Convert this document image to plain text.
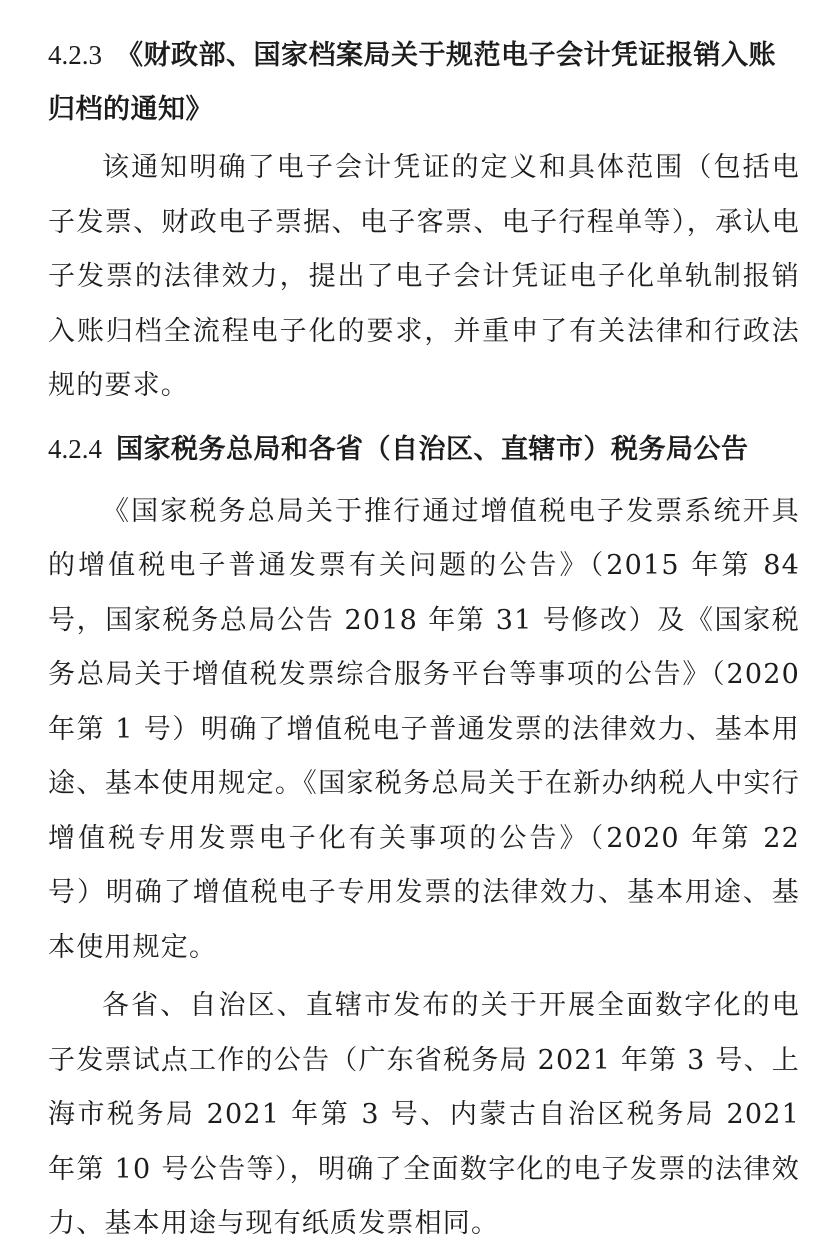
4.2.3 《财政部、国家档案局关于规范电子会计凭证报销入账归档的通知》

该通知明确了电子会计凭证的定义和具体范围（包括电子发票、财政电子票据、电子客票、电子行程单等），承认电子发票的法律效力，提出了电子会计凭证电子化单轨制报销入账归档全流程电子化的要求，并重申了有关法律和行政法规的要求。

4.2.4 国家税务总局和各省（自治区、直辖市）税务局公告

《国家税务总局关于推行通过增值税电子发票系统开具的增值税电子普通发票有关问题的公告》（2015 年第 84 号，国家税务总局公告 2018 年第 31 号修改）及《国家税务总局关于增值税发票综合服务平台等事项的公告》（2020 年第 1 号）明确了增值税电子普通发票的法律效力、基本用途、基本使用规定。《国家税务总局关于在新办纳税人中实行增值税专用发票电子化有关事项的公告》（2020 年第 22 号）明确了增值税电子专用发票的法律效力、基本用途、基本使用规定。

各省、自治区、直辖市发布的关于开展全面数字化的电子发票试点工作的公告（广东省税务局 2021 年第 3 号、上海市税务局 2021 年第 3 号、内蒙古自治区税务局 2021 年第 10 号公告等），明确了全面数字化的电子发票的法律效力、基本用途与现有纸质发票相同。
